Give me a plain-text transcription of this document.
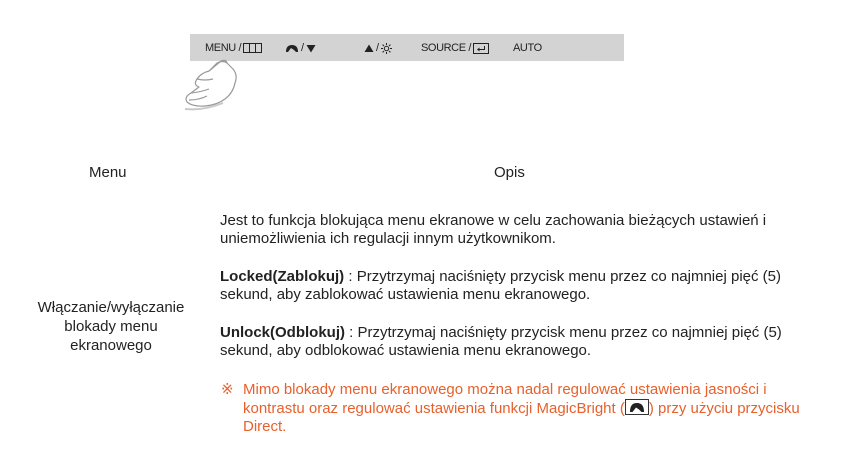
MENU /	/	/	SOURCE /	AUTO
Menu	Opis
Włączanie/wyłączanie
blokady menu
ekranowego
Jest to funkcja blokująca menu ekranowe w celu zachowania bieżących ustawień i uniemożliwienia ich regulacji innym użytkownikom.
Locked(Zablokuj) : Przytrzymaj naciśnięty przycisk menu przez co najmniej pięć (5) sekund, aby zablokować ustawienia menu ekranowego.
Unlock(Odblokuj) : Przytrzymaj naciśnięty przycisk menu przez co najmniej pięć (5) sekund, aby odblokować ustawienia menu ekranowego.
※ Mimo blokady menu ekranowego można nadal regulować ustawienia jasności i kontrastu oraz regulować ustawienia funkcji MagicBright ( ) przy użyciu przycisku Direct.
